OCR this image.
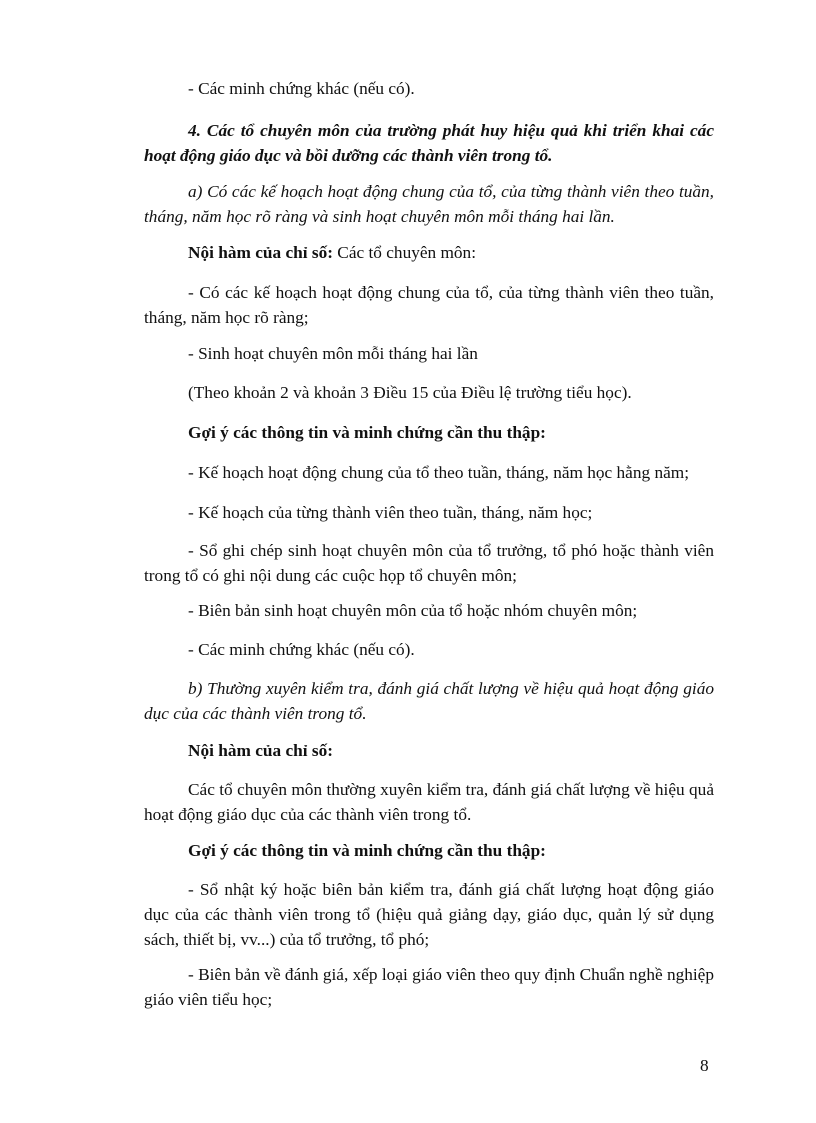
- Các minh chứng khác (nếu có).

4. Các tổ chuyên môn của trường phát huy hiệu quả khi triển khai các hoạt động giáo dục và bồi dưỡng các thành viên trong tổ.

a) Có các kế hoạch hoạt động chung của tổ, của từng thành viên theo tuần, tháng, năm học rõ ràng và sinh hoạt chuyên môn mỗi tháng hai lần.

Nội hàm của chỉ số: Các tổ chuyên môn:

- Có các kế hoạch hoạt động chung của tổ, của từng thành viên theo tuần, tháng, năm học rõ ràng;

- Sinh hoạt chuyên môn mỗi tháng hai lần

(Theo khoản 2 và khoản 3 Điều 15 của Điều lệ trường tiểu học).

Gợi ý các thông tin và minh chứng cần thu thập:

- Kế hoạch hoạt động chung của tổ theo tuần, tháng, năm học hằng năm;

- Kế hoạch của từng thành viên theo tuần, tháng, năm học;

- Sổ ghi chép sinh hoạt chuyên môn của tổ trưởng, tổ phó hoặc thành viên trong tổ có ghi nội dung các cuộc họp tổ chuyên môn;

- Biên bản sinh hoạt chuyên môn của tổ hoặc nhóm chuyên môn;

- Các minh chứng khác (nếu có).

b) Thường xuyên kiểm tra, đánh giá chất lượng về hiệu quả hoạt động giáo dục của các thành viên trong tổ.

Nội hàm của chỉ số:

Các tổ chuyên môn thường xuyên kiểm tra, đánh giá chất lượng về hiệu quả hoạt động giáo dục của các thành viên trong tổ.

Gợi ý các thông tin và minh chứng cần thu thập:

- Sổ nhật ký hoặc biên bản kiểm tra, đánh giá chất lượng hoạt động giáo dục của các thành viên trong tổ (hiệu quả giảng dạy, giáo dục, quản lý sử dụng sách, thiết bị, vv...) của tổ trưởng, tổ phó;

- Biên bản về đánh giá, xếp loại giáo viên theo quy định Chuẩn nghề nghiệp giáo viên tiểu học;

8
